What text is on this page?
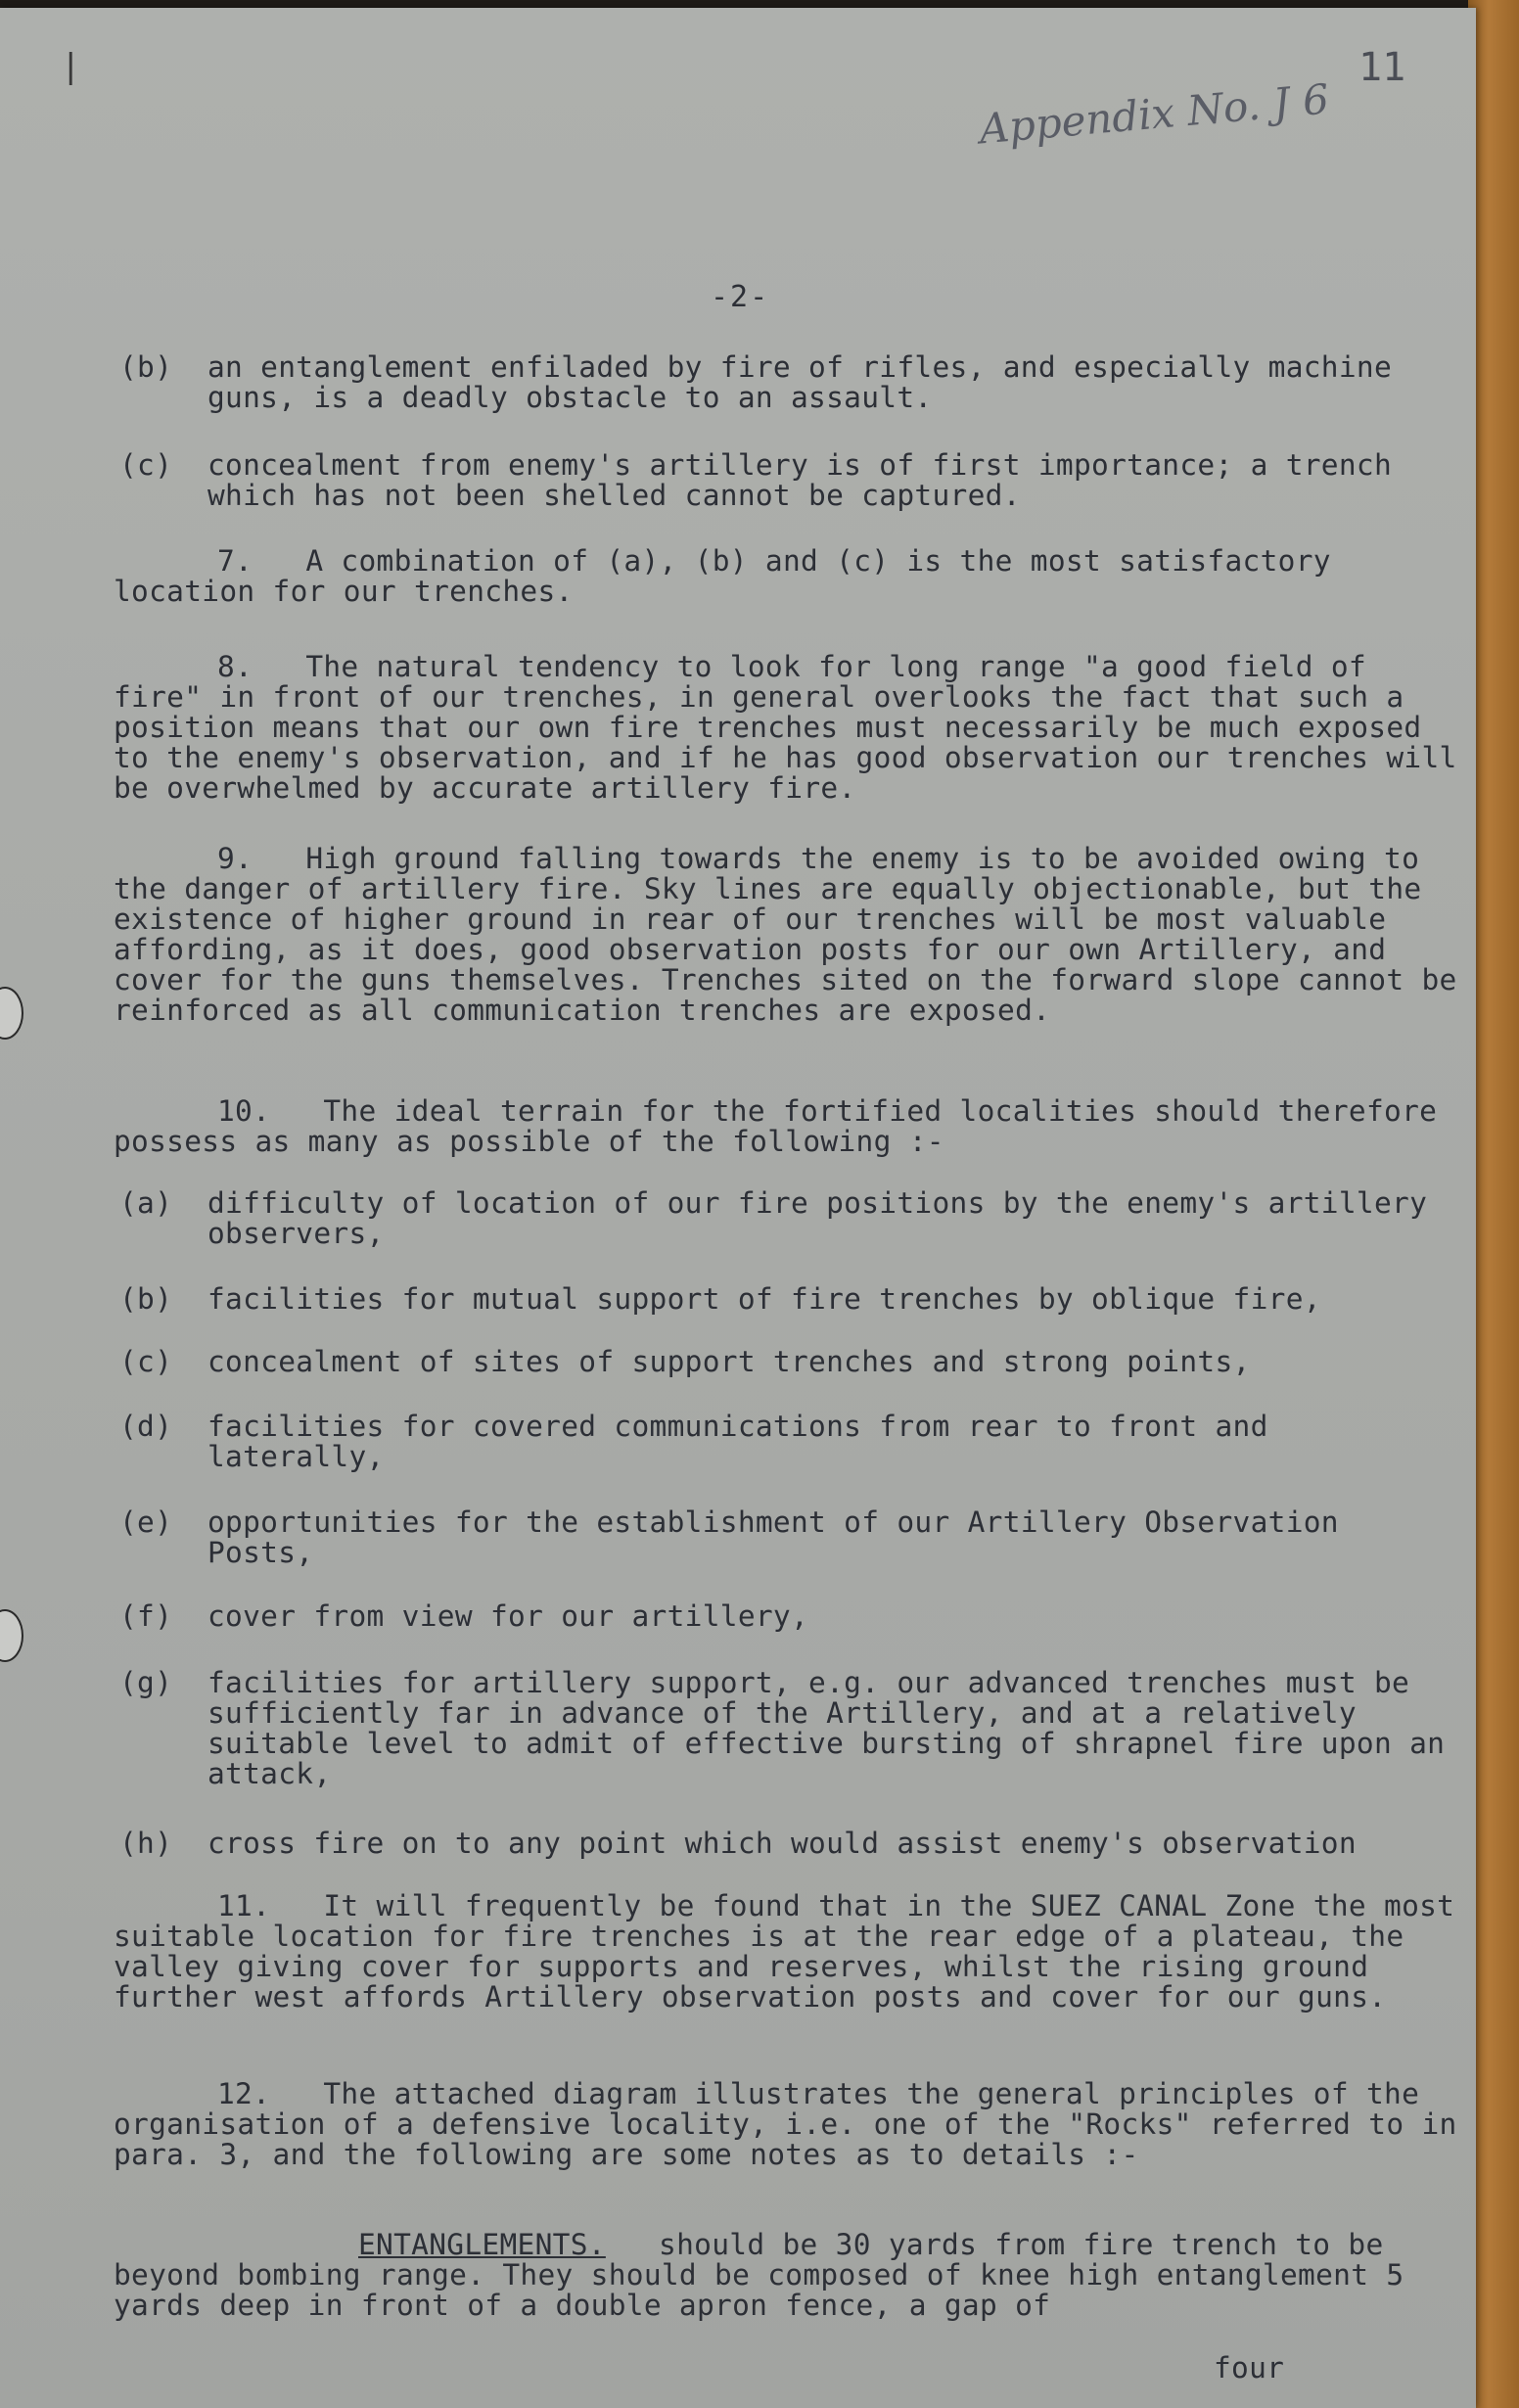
|	11
Appendix No. J 6
-2-
(b) an entanglement enfiladed by fire of rifles, and especially machine guns, is a deadly obstacle to an assault.
(c) concealment from enemy's artillery is of first importance; a trench which has not been shelled cannot be captured.
7. A combination of (a), (b) and (c) is the most satisfactory location for our trenches.
8. The natural tendency to look for long range "a good field of fire" in front of our trenches, in general overlooks the fact that such a position means that our own fire trenches must necessarily be much exposed to the enemy's observation, and if he has good observation our trenches will be overwhelmed by accurate artillery fire.
9. High ground falling towards the enemy is to be avoided owing to the danger of artillery fire. Sky lines are equally objectionable, but the existence of higher ground in rear of our trenches will be most valuable affording, as it does, good observation posts for our own Artillery, and cover for the guns themselves. Trenches sited on the forward slope cannot be reinforced as all communication trenches are exposed.
10. The ideal terrain for the fortified localities should therefore possess as many as possible of the following :-
(a) difficulty of location of our fire positions by the enemy's artillery observers,
(b) facilities for mutual support of fire trenches by oblique fire,
(c) concealment of sites of support trenches and strong points,
(d) facilities for covered communications from rear to front and laterally,
(e) opportunities for the establishment of our Artillery Observation Posts,
(f) cover from view for our artillery,
(g) facilities for artillery support, e.g. our advanced trenches must be sufficiently far in advance of the Artillery, and at a relatively suitable level to admit of effective bursting of shrapnel fire upon an attack,
(h) cross fire on to any point which would assist enemy's observation
11. It will frequently be found that in the SUEZ CANAL Zone the most suitable location for fire trenches is at the rear edge of a plateau, the valley giving cover for supports and reserves, whilst the rising ground further west affords Artillery observation posts and cover for our guns.
12. The attached diagram illustrates the general principles of the organisation of a defensive locality, i.e. one of the "Rocks" referred to in para. 3, and the following are some notes as to details :-
ENTANGLEMENTS. should be 30 yards from fire trench to be beyond bombing range. They should be composed of knee high entanglement 5 yards deep in front of a double apron fence, a gap of
four
